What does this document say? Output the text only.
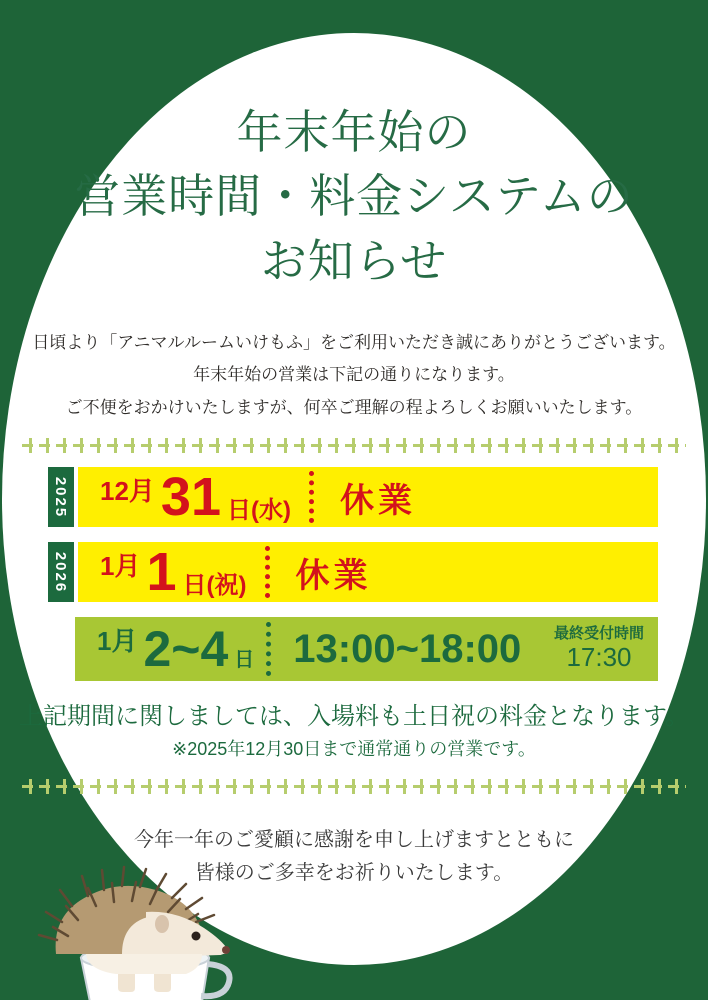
年末年始の
営業時間・料金システムの
お知らせ
日頃より「アニマルルームいけもふ」をご利用いただき誠にありがとうございます。
年末年始の営業は下記の通りになります。
ご不便をおかけいたしますが、何卒ご理解の程よろしくお願いいたします。
2025 12月 31 日(水) 休業
2026 1月 1 日(祝) 休業
1月 2~4 日 13:00~18:00 最終受付時間
17:30
上記期間に関しましては、入場料も土日祝の料金となります。
※2025年12月30日まで通常通りの営業です。
今年一年のご愛顧に感謝を申し上げますとともに
皆様のご多幸をお祈りいたします。
